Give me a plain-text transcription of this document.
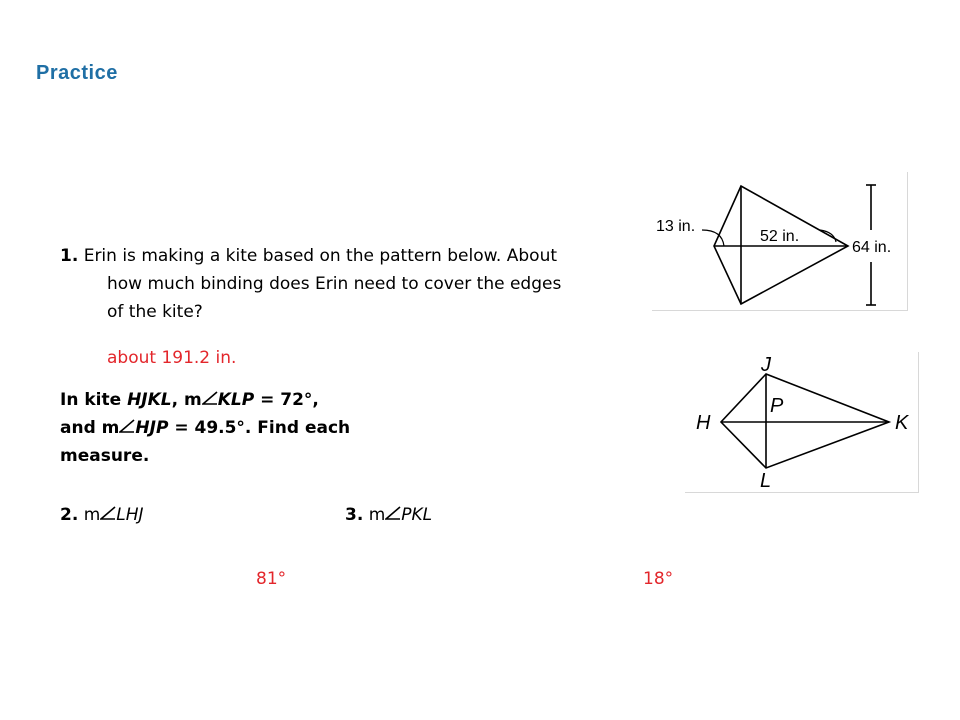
Practice
1. Erin is making a kite based on the pattern below. About
how much binding does Erin need to cover the edges
of the kite?
about 191.2 in.
In kite HJKL, m KLP = 72°,
and m HJP = 49.5°. Find each
measure.
2. m LHJ	3. m PKL
81°	18°
13 in.
52 in.
64 in.
J
P
H	K
L
